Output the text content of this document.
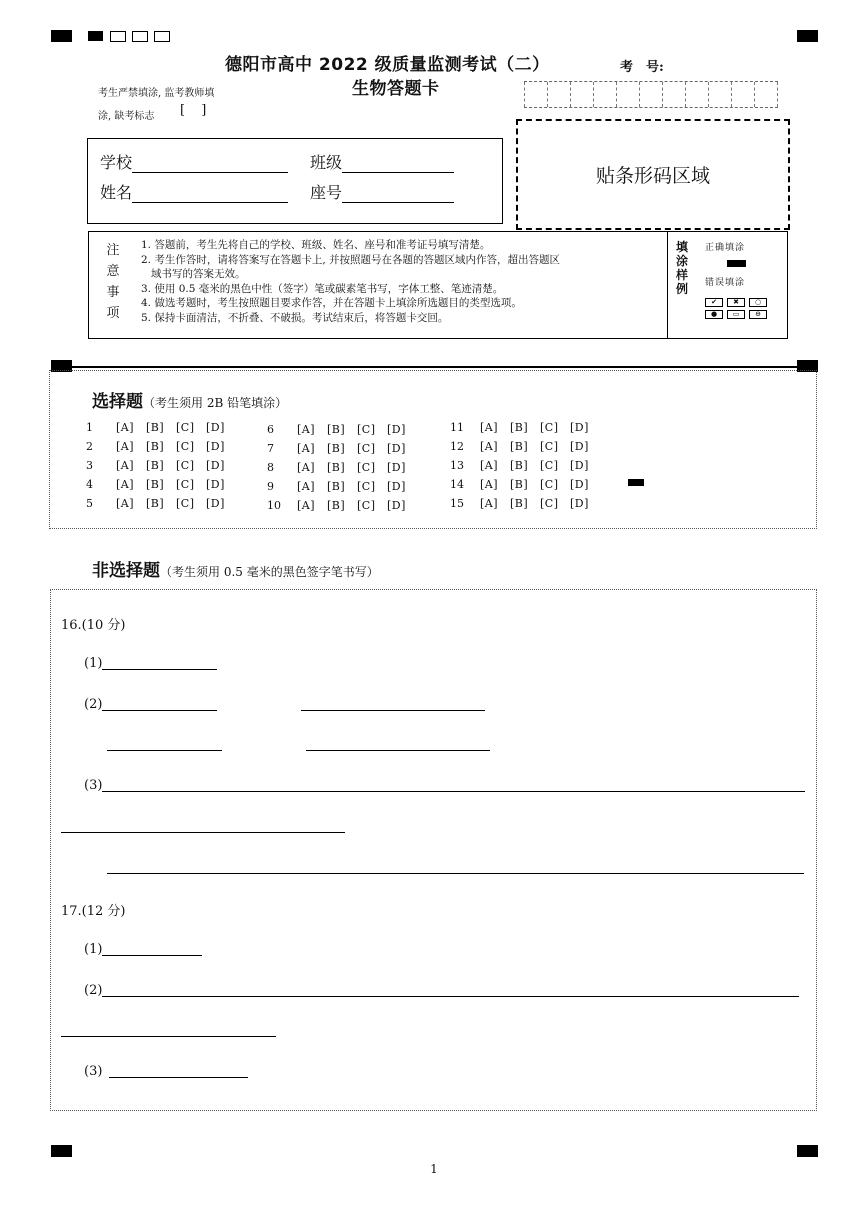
德阳市高中 2022 级质量监测考试（二）
生物答题卡
考　号:
考生严禁填涂, 监考教师填
涂, 缺考标志 [ ]
学校	班级
姓名	座号
贴条形码区域
注
意
事
项
1. 答题前，考生先将自己的学校、班级、姓名、座号和准考证号填写清楚。
2. 考生作答时，请将答案写在答题卡上, 并按照题号在各题的答题区域内作答，超出答题区
域书写的答案无效。
3. 使用 0.5 毫米的黑色中性（签字）笔或碳素笔书写，字体工整、笔迹清楚。
4. 做选考题时，考生按照题目要求作答，并在答题卡上填涂所选题目的类型选项。
5. 保持卡面清洁，不折叠、不破损。考试结束后，将答题卡交回。
填
涂
样
例
正确填涂
错误填涂
✔	✖	○
●	▭	⊖
选择题（考生须用 2B 铅笔填涂）
1 [A] [B] [C] [D]
2 [A] [B] [C] [D]
3 [A] [B] [C] [D]
4 [A] [B] [C] [D]
5 [A] [B] [C] [D]
6 [A] [B] [C] [D]
7 [A] [B] [C] [D]
8 [A] [B] [C] [D]
9 [A] [B] [C] [D]
10 [A] [B] [C] [D]
11 [A] [B] [C] [D]
12 [A] [B] [C] [D]
13 [A] [B] [C] [D]
14 [A] [B] [C] [D]
15 [A] [B] [C] [D]
非选择题（考生须用 0.5 毫米的黑色签字笔书写）
16.(10 分)
(1)
(2)
(3)
17.(12 分)
(1)
(2)
(3)
1
